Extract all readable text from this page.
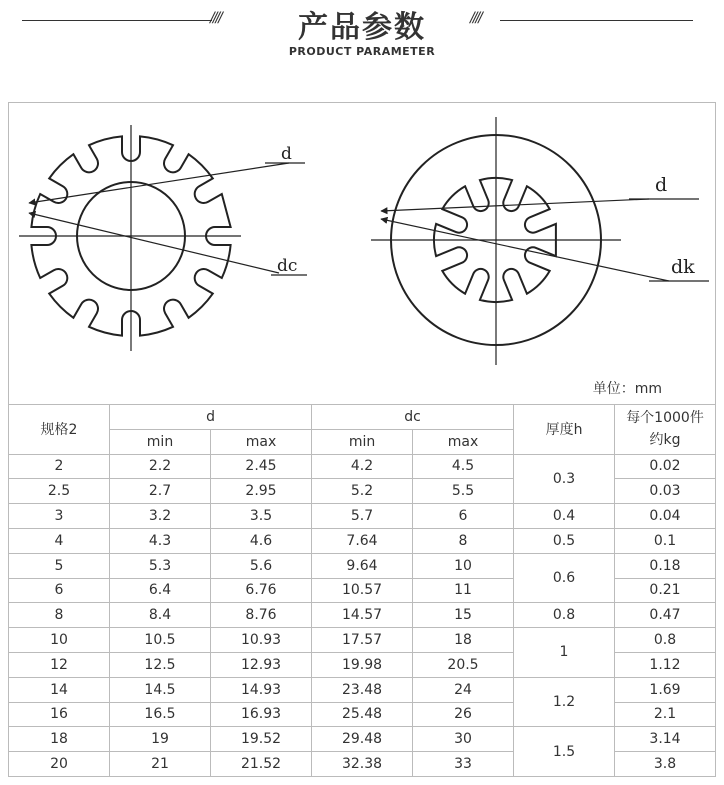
////	产品参数	////
PRODUCT PARAMETER
d
dc
d
dk
单位：mm
规格2	d		dc		厚度h	每个1000件
约kg

	min	max	min	max		
2	2.2	2.45	4.2	4.5	0.3	0.02
2.5	2.7	2.95	5.2	5.5		0.03
3	3.2	3.5	5.7	6	0.4	0.04
4	4.3	4.6	7.64	8	0.5	0.1
5	5.3	5.6	9.64	10	0.6	0.18
6	6.4	6.76	10.57	11		0.21
8	8.4	8.76	14.57	15	0.8	0.47
10	10.5	10.93	17.57	18	1	0.8
12	12.5	12.93	19.98	20.5		1.12
14	14.5	14.93	23.48	24	1.2	1.69
16	16.5	16.93	25.48	26		2.1
18	19	19.52	29.48	30	1.5	3.14
20	21	21.52	32.38	33		3.8
